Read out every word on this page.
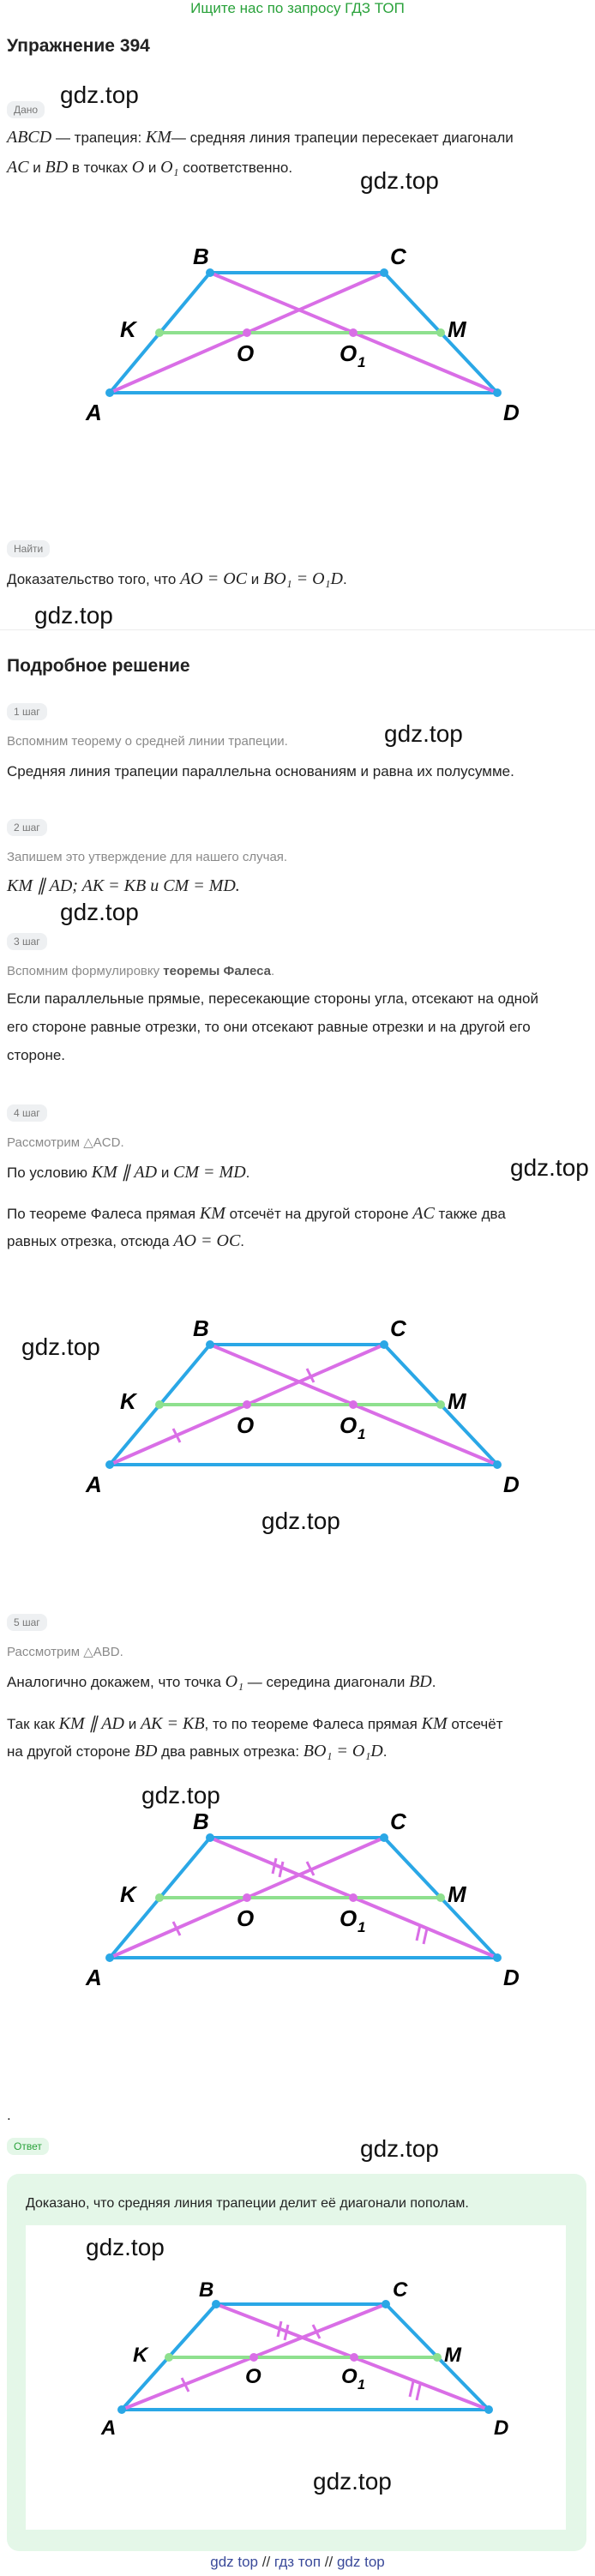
Ищите нас по запросу ГДЗ ТОП
Упражнение 394
gdz.top
Дано
ABCD — трапеция: KM— средняя линия трапеции пересекает диагонали
AC и BD в точках O и O₁ соответственно.	gdz.top
B	C
K	M
A	D
O	O 1
Найти
Доказательство того, что AO = OC и BO₁ = O₁D.
gdz.top
Подробное решение
1 шаг
Вспомним теорему о средней линии трапеции.	gdz.top
Средняя линия трапеции параллельна основаниям и равна их полусумме.
2 шаг
Запишем это утверждение для нашего случая.
KM ∥ AD; AK = KB и CM = MD.
gdz.top
3 шаг
Вспомним формулировку теоремы Фалеса.
Если параллельные прямые, пересекающие стороны угла, отсекают на одной
его стороне равные отрезки, то они отсекают равные отрезки и на другой его
стороне.
4 шаг
Рассмотрим △ACD.
gdz.top
По условию KM ∥ AD и CM = MD.
По теореме Фалеса прямая KM отсечёт на другой стороне AC также два
равных отрезка, отсюда AO = OC.
gdz.top
B	C
K	M
A	D
O	O 1
gdz.top
5 шаг
Рассмотрим △ABD.
Аналогично докажем, что точка O₁ — середина диагонали BD.
Так как KM ∥ AD и AK = KB, то по теореме Фалеса прямая KM отсечёт
на другой стороне BD два равных отрезка: BO₁ = O₁D.
gdz.top
B	C
K	M
A	D
O	O 1
.
Ответ	gdz.top
Доказано, что средняя линия трапеции делит её диагонали пополам.
gdz.top
B	C
K	M
A	D
O	O 1
gdz.top
gdz top // гдз топ // gdz top
